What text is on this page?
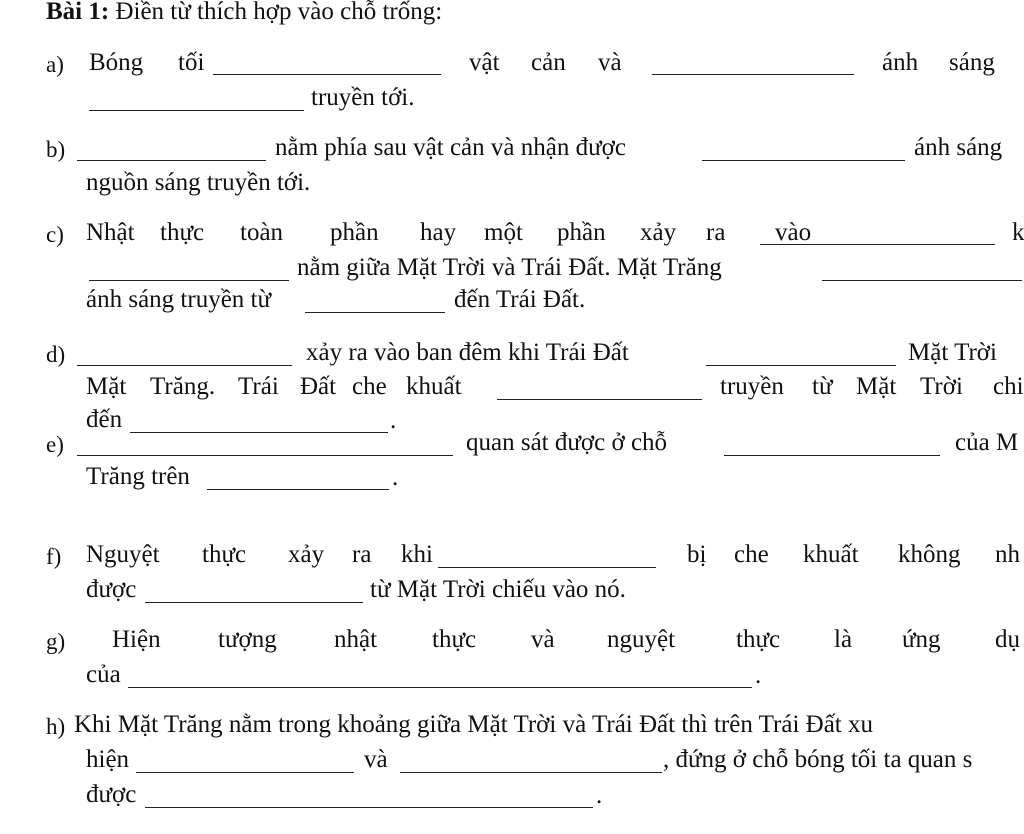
Bài 1: Điền từ thích hợp vào chỗ trống:
a) Bóng tối	vật cản và	ánh sáng
truyền tới.
b)	nằm phía sau vật cản và nhận được	ánh sáng
nguồn sáng truyền tới.
c) Nhật thực toàn phần hay một phần xảy ra vào	k
nằm giữa Mặt Trời và Trái Đất. Mặt Trăng
ánh sáng truyền từ	đến Trái Đất.
d)	xảy ra vào ban đêm khi Trái Đất	Mặt Trời
Mặt Trăng. Trái Đất che khuất	truyền từ Mặt Trời chi
đến	.
e)	quan sát được ở chỗ	của M
Trăng trên	.
f) Nguyệt thực xảy ra khi	bị che khuất không nh
được	từ Mặt Trời chiếu vào nó.
g) Hiện tượng nhật thực và nguyệt thực là ứng dụ
của	.
h) Khi Mặt Trăng nằm trong khoảng giữa Mặt Trời và Trái Đất thì trên Trái Đất xu
hiện	và	, đứng ở chỗ bóng tối ta quan s
được	.
